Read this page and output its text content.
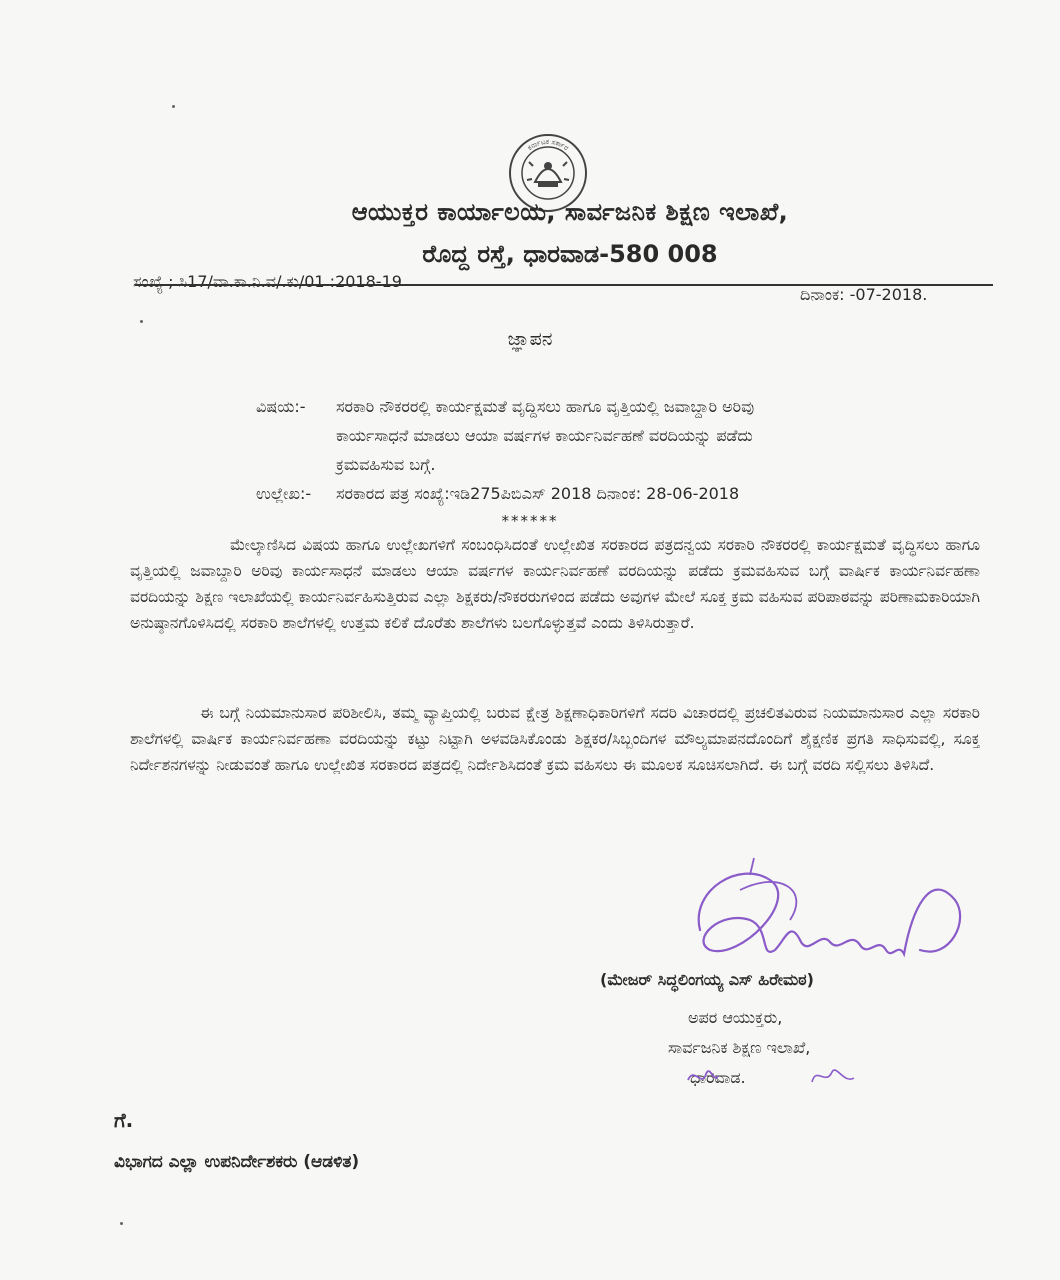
ಕರ್ನಾಟಕ ಸರ್ಕಾರ
ಆಯುಕ್ತರ ಕಾರ್ಯಾಲಯ, ಸಾರ್ವಜನಿಕ ಶಿಕ್ಷಣ ಇಲಾಖೆ,
ರೊದ್ದ ರಸ್ತೆ, ಧಾರವಾಡ-580 008
ಸಂಖ್ಯೆ ; ಸಿ17/ವಾ.ಕಾ.ನಿ.ವ/.ಕು/01 :2018-19
ದಿನಾಂಕ: -07-2018.
ಜ್ಞಾಪನ
ವಿಷಯ:- ಸರಕಾರಿ ನೌಕರರಲ್ಲಿ ಕಾರ್ಯಕ್ಷಮತೆ ವೃದ್ದಿಸಲು ಹಾಗೂ ವೃತ್ತಿಯಲ್ಲಿ ಜವಾಬ್ದಾರಿ ಅರಿವು
ಕಾರ್ಯಸಾಧನೆ ಮಾಡಲು ಆಯಾ ವರ್ಷಗಳ ಕಾರ್ಯನಿರ್ವಹಣೆ ವರದಿಯನ್ನು ಪಡೆದು
ಕ್ರಮವಹಿಸುವ ಬಗ್ಗೆ.
ಉಲ್ಲೇಖ:- ಸರಕಾರದ ಪತ್ರ ಸಂಖ್ಯೆ:ಇಡಿ275ಪಿಬಿಎಸ್ 2018 ದಿನಾಂಕ: 28-06-2018
******
ಮೇಲ್ಕಾಣಿಸಿದ ವಿಷಯ ಹಾಗೂ ಉಲ್ಲೇಖಗಳಿಗೆ ಸಂಬಂಧಿಸಿದಂತೆ ಉಲ್ಲೇಖಿತ ಸರಕಾರದ ಪತ್ರದನ್ವಯ ಸರಕಾರಿ ನೌಕರರಲ್ಲಿ ಕಾರ್ಯಕ್ಷಮತೆ ವೃದ್ಧಿಸಲು ಹಾಗೂ ವೃತ್ತಿಯಲ್ಲಿ ಜವಾಬ್ದಾರಿ ಅರಿವು ಕಾರ್ಯಸಾಧನೆ ಮಾಡಲು ಆಯಾ ವರ್ಷಗಳ ಕಾರ್ಯನಿರ್ವಹಣೆ ವರದಿಯನ್ನು ಪಡೆದು ಕ್ರಮವಹಿಸುವ ಬಗ್ಗೆ ವಾರ್ಷಿಕ ಕಾರ್ಯನಿರ್ವಹಣಾ ವರದಿಯನ್ನು ಶಿಕ್ಷಣ ಇಲಾಖೆಯಲ್ಲಿ ಕಾರ್ಯನಿರ್ವಹಿಸುತ್ತಿರುವ ಎಲ್ಲಾ ಶಿಕ್ಷಕರು/ನೌಕರರುಗಳಿಂದ ಪಡೆದು ಅವುಗಳ ಮೇಲೆ ಸೂಕ್ತ ಕ್ರಮ ವಹಿಸುವ ಪರಿಪಾಠವನ್ನು ಪರಿಣಾಮಕಾರಿಯಾಗಿ ಅನುಷ್ಠಾನಗೊಳಿಸಿದಲ್ಲಿ ಸರಕಾರಿ ಶಾಲೆಗಳಲ್ಲಿ ಉತ್ತಮ ಕಲಿಕೆ ದೊರೆತು ಶಾಲೆಗಳು ಬಲಗೊಳ್ಳುತ್ತವೆ ಎಂದು ತಿಳಿಸಿರುತ್ತಾರೆ.
ಈ ಬಗ್ಗೆ ನಿಯಮಾನುಸಾರ ಪರಿಶೀಲಿಸಿ, ತಮ್ಮ ವ್ಯಾಪ್ತಿಯಲ್ಲಿ ಬರುವ ಕ್ಷೇತ್ರ ಶಿಕ್ಷಣಾಧಿಕಾರಿಗಳಿಗೆ ಸದರಿ ವಿಚಾರದಲ್ಲಿ ಪ್ರಚಲಿತವಿರುವ ನಿಯಮಾನುಸಾರ ಎಲ್ಲಾ ಸರಕಾರಿ ಶಾಲೆಗಳಲ್ಲಿ ವಾರ್ಷಿಕ ಕಾರ್ಯನಿರ್ವಹಣಾ ವರದಿಯನ್ನು ಕಟ್ಟು ನಿಟ್ಟಾಗಿ ಅಳವಡಿಸಿಕೊಂಡು ಶಿಕ್ಷಕರ/ಸಿಬ್ಬಂದಿಗಳ ಮೌಲ್ಯಮಾಪನದೊಂದಿಗೆ ಶೈಕ್ಷಣಿಕ ಪ್ರಗತಿ ಸಾಧಿಸುವಲ್ಲಿ, ಸೂಕ್ತ ನಿರ್ದೇಶನಗಳನ್ನು ನೀಡುವಂತೆ ಹಾಗೂ ಉಲ್ಲೇಖಿತ ಸರಕಾರದ ಪತ್ರದಲ್ಲಿ ನಿರ್ದೇಶಿಸಿದಂತೆ ಕ್ರಮ ವಹಿಸಲು ಈ ಮೂಲಕ ಸೂಚಿಸಲಾಗಿದೆ. ಈ ಬಗ್ಗೆ ವರದಿ ಸಲ್ಲಿಸಲು ತಿಳಿಸಿದೆ.
(ಮೇಜರ್ ಸಿದ್ಧಲಿಂಗಯ್ಯ ಎಸ್ ಹಿರೇಮಠ)
ಅಪರ ಆಯುಕ್ತರು,
ಸಾರ್ವಜನಿಕ ಶಿಕ್ಷಣ ಇಲಾಖೆ,
ಧಾರವಾಡ.
ಗೆ.
ವಿಭಾಗದ ಎಲ್ಲಾ ಉಪನಿರ್ದೇಶಕರು (ಆಡಳಿತ)
